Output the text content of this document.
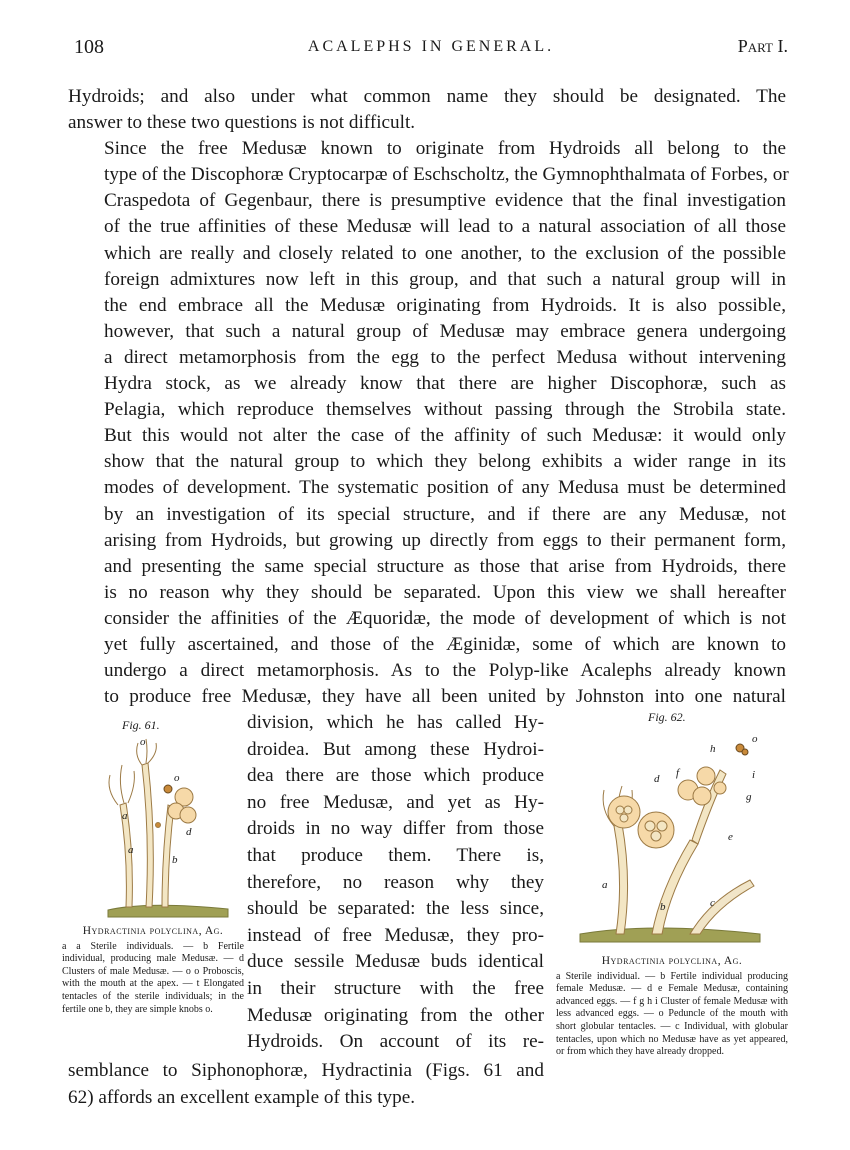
108	ACALEPHS IN GENERAL.	Part I.

Hydroids; and also under what common name they should be designated. The
answer to these two questions is not difficult.

Since the free Medusæ known to originate from Hydroids all belong to the
type of the Discophoræ Cryptocarpæ of Eschscholtz, the Gymnophthalmata of Forbes, or
Craspedota of Gegenbaur, there is presumptive evidence that the final investigation
of the true affinities of these Medusæ will lead to a natural association of all those
which are really and closely related to one another, to the exclusion of the possible
foreign admixtures now left in this group, and that such a natural group will in
the end embrace all the Medusæ originating from Hydroids. It is also possible,
however, that such a natural group of Medusæ may embrace genera undergoing
a direct metamorphosis from the egg to the perfect Medusa without intervening
Hydra stock, as we already know that there are higher Discophoræ, such as
Pelagia, which reproduce themselves without passing through the Strobila state.
But this would not alter the case of the affinity of such Medusæ: it would only
show that the natural group to which they belong exhibits a wider range in its
modes of development. The systematic position of any Medusa must be determined
by an investigation of its special structure, and if there are any Medusæ, not
arising from Hydroids, but growing up directly from eggs to their permanent form,
and presenting the same special structure as those that arise from Hydroids, there
is no reason why they should be separated. Upon this view we shall hereafter
consider the affinities of the Æquoridæ, the mode of development of which is not
yet fully ascertained, and those of the Æginidæ, some of which are known to
undergo a direct metamorphosis. As to the Polyp-like Acalephs already known
to produce free Medusæ, they have all been united by Johnston into one natural

Fig. 61.
o
o
a
d
a
b
Hydractinia polyclina, Ag.
a a Sterile individuals. — b Fertile individual, producing male Medusæ. — d Clusters of male Medusæ. — o o Proboscis, with the mouth at the apex. — t Elongated tentacles of the sterile individuals; in the fertile one b, they are simple knobs o.
division, which he has called Hy-
droidea. But among these Hydroi-
dea there are those which produce
no free Medusæ, and yet as Hy-
droids in no way differ from those
that produce them. There is,
therefore, no reason why they
should be separated: the less since,
instead of free Medusæ, they pro-
duce sessile Medusæ buds identical
in their structure with the free
Medusæ originating from the other
Hydroids. On account of its re-
semblance to Siphonophoræ, Hydractinia (Figs. 61 and
62) affords an excellent example of this type.
Fig. 62.
h
o
d f	i
g
e
c
a
b
Hydractinia polyclina, Ag.
a Sterile individual. — b Fertile individual producing female Medusæ. — d e Female Medusæ, containing advanced eggs. — f g h i Cluster of female Medusæ with less advanced eggs. — o Peduncle of the mouth with short globular tentacles. — c Individual, with globular tentacles, upon which no Medusæ have as yet appeared, or from which they have already dropped.
